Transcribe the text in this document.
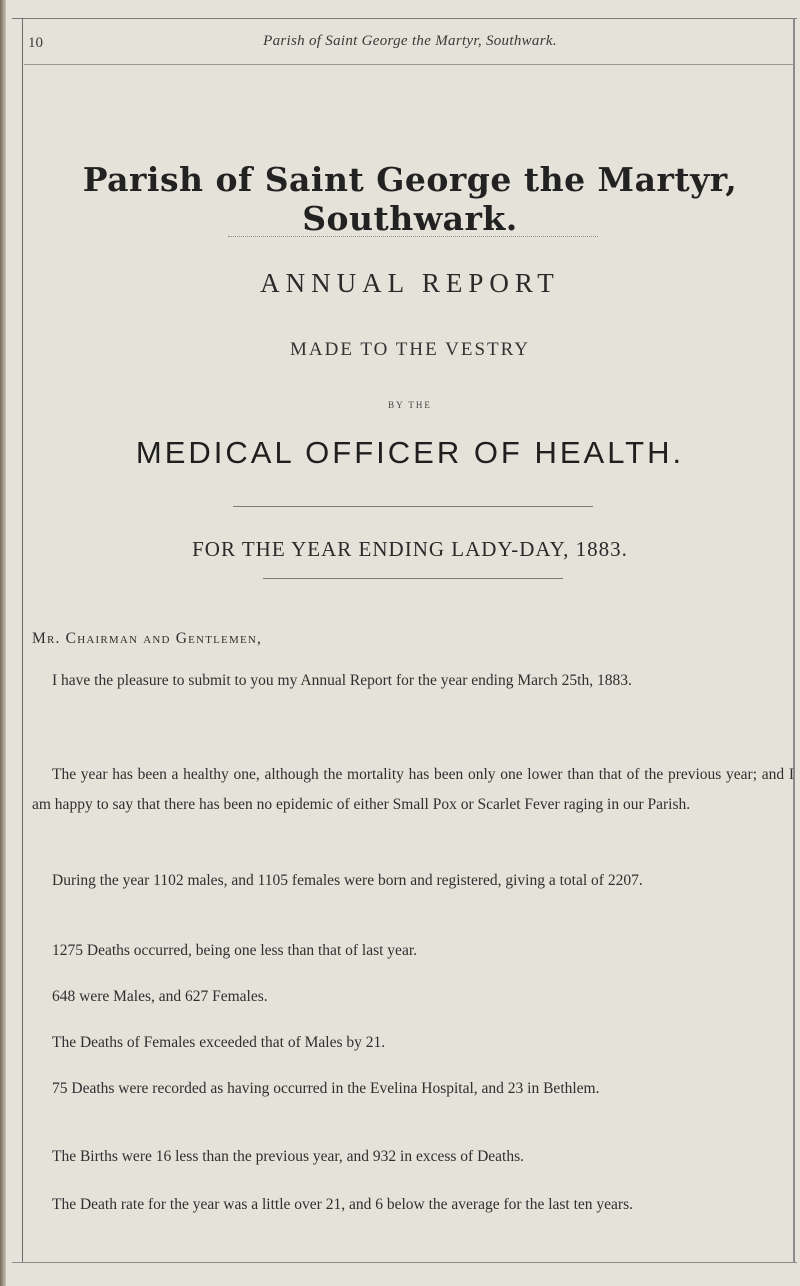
10	Parish of Saint George the Martyr, Southwark.
Parish of Saint George the Martyr, Southwark.
ANNUAL REPORT
MADE TO THE VESTRY
BY THE
MEDICAL OFFICER OF HEALTH.
FOR THE YEAR ENDING LADY-DAY, 1883.
Mr. Chairman and Gentlemen,
I have the pleasure to submit to you my Annual Report for the year ending March 25th, 1883.
The year has been a healthy one, although the mortality has been only one lower than that of the previous year; and I am happy to say that there has been no epidemic of either Small Pox or Scarlet Fever raging in our Parish.
During the year 1102 males, and 1105 females were born and registered, giving a total of 2207.
1275 Deaths occurred, being one less than that of last year.
648 were Males, and 627 Females.
The Deaths of Females exceeded that of Males by 21.
75 Deaths were recorded as having occurred in the Evelina Hospital, and 23 in Bethlem.
The Births were 16 less than the previous year, and 932 in excess of Deaths.
The Death rate for the year was a little over 21, and 6 below the average for the last ten years.
